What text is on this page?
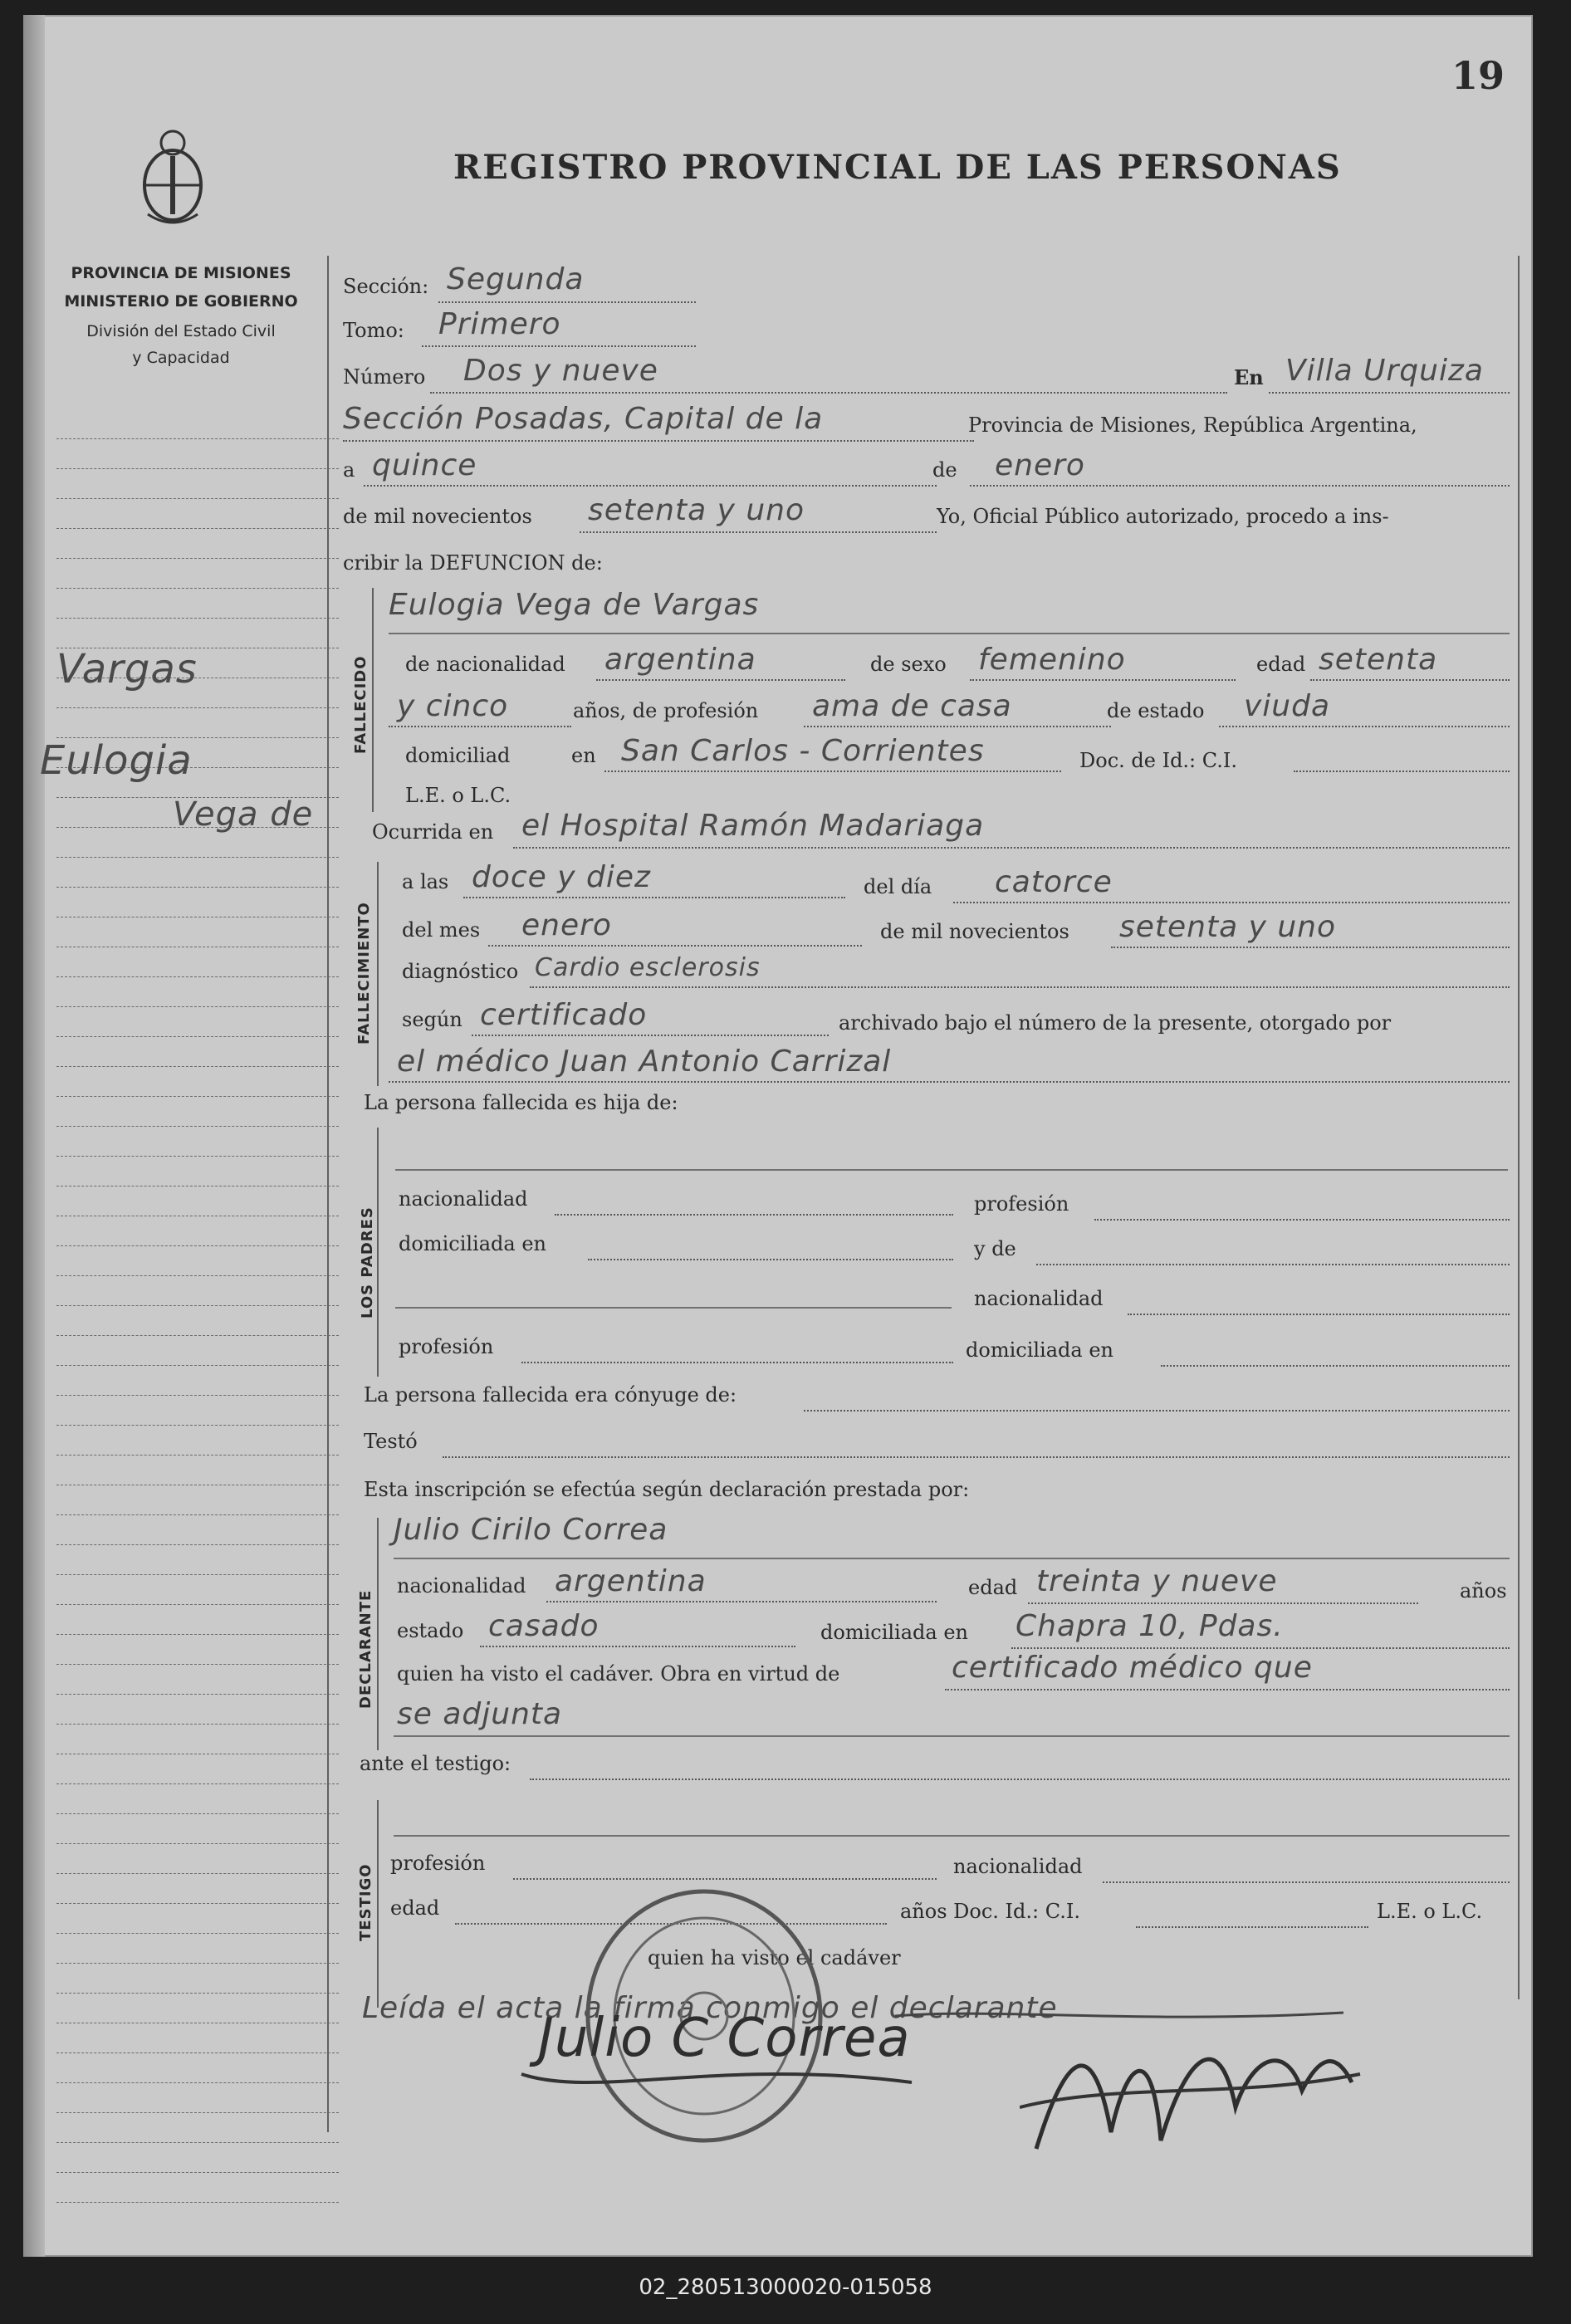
19
REGISTRO PROVINCIAL DE LAS PERSONAS
PROVINCIA DE MISIONES
MINISTERIO DE GOBIERNO
División del Estado Civil
y Capacidad
Vargas
Eulogia
Vega de
Sección: Segunda
Tomo: Primero
Número Dos y nueve	En Villa Urquiza
Sección Posadas, Capital de la	Provincia de Misiones, República Argentina,
a quince	de enero
de mil novecientos setenta y uno	Yo, Oficial Público autorizado, procedo a ins-
cribir la DEFUNCION de:
FALLECIDO
Eulogia Vega de Vargas
de nacionalidad argentina	de sexo femenino	edad setenta
y cinco	años, de profesión ama de casa	de estado viuda
domiciliad	en San Carlos - Corrientes	Doc. de Id.: C.I.
L.E. o L.C.
Ocurrida en el Hospital Ramón Madariaga
FALLECIMIENTO
a las doce y diez	del día catorce
del mes enero	de mil novecientos setenta y uno
diagnóstico Cardio esclerosis
según certificado	archivado bajo el número de la presente, otorgado por
el médico Juan Antonio Carrizal
La persona fallecida es hija de:
LOS PADRES
nacionalidad	profesión
domiciliada en	y de
nacionalidad
profesión	domiciliada en
La persona fallecida era cónyuge de:
Testó
Esta inscripción se efectúa según declaración prestada por:
DECLARANTE
Julio Cirilo Correa
nacionalidad argentina	edad treinta y nueve	años
estado casado	domiciliada en Chapra 10, Pdas.
quien ha visto el cadáver. Obra en virtud de	certificado médico que
se adjunta
ante el testigo:
TESTIGO
profesión	nacionalidad
edad	años Doc. Id.: C.I.	L.E. o L.C.
quien ha visto el cadáver
Leída el acta la firma conmigo el declarante
Julio C Correa
02_280513000020-015058
